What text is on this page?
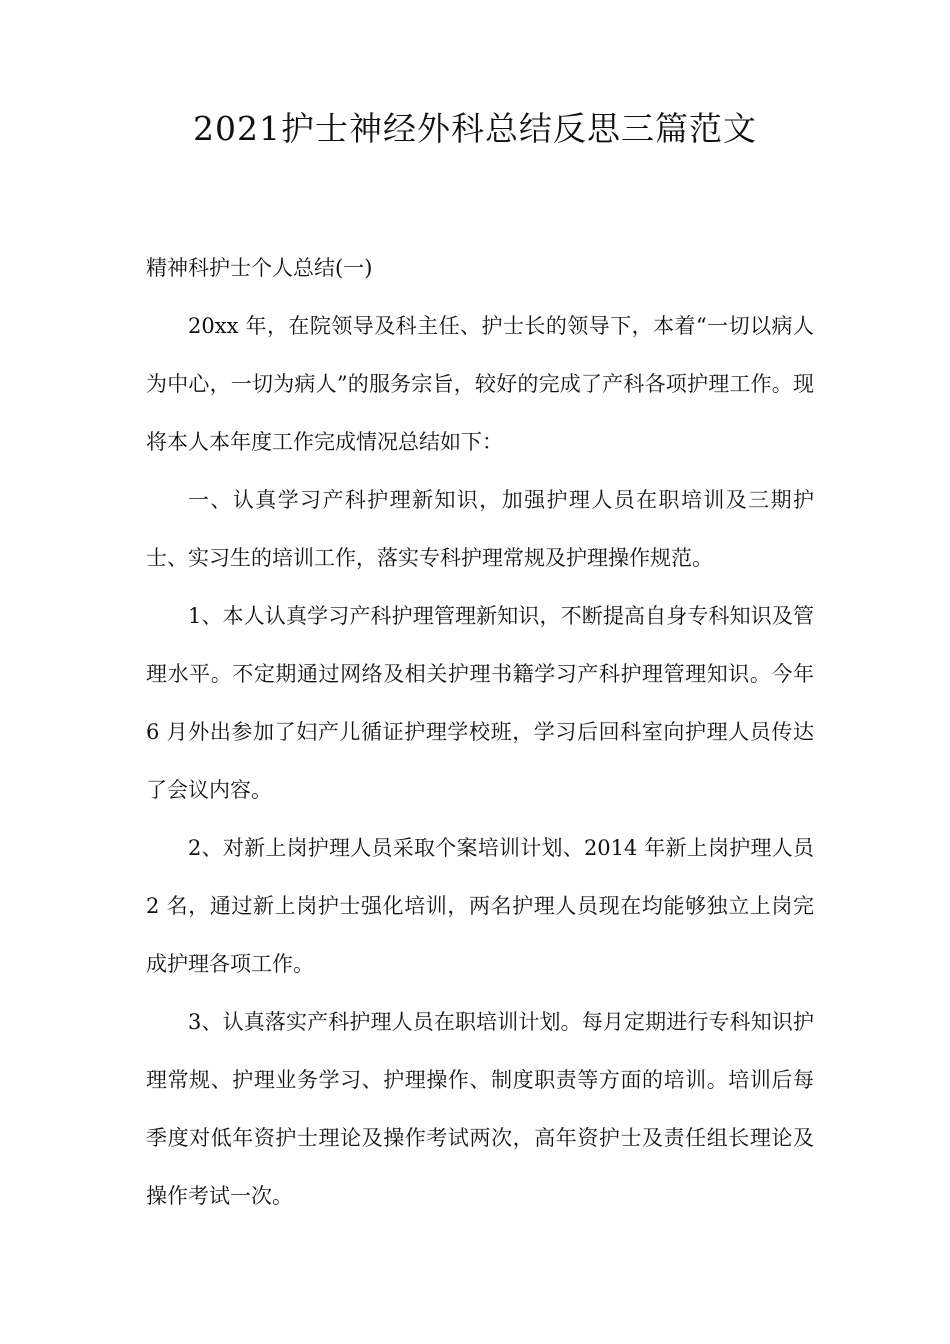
2021护士神经外科总结反思三篇范文

精神科护士个人总结(一)

20xx 年，在院领导及科主任、护士长的领导下，本着“一切以病人为中心，一切为病人”的服务宗旨，较好的完成了产科各项护理工作。现将本人本年度工作完成情况总结如下：

一、认真学习产科护理新知识，加强护理人员在职培训及三期护士、实习生的培训工作，落实专科护理常规及护理操作规范。

1、本人认真学习产科护理管理新知识，不断提高自身专科知识及管理水平。不定期通过网络及相关护理书籍学习产科护理管理知识。今年 6 月外出参加了妇产儿循证护理学校班，学习后回科室向护理人员传达了会议内容。

2、对新上岗护理人员采取个案培训计划、2014 年新上岗护理人员 2 名，通过新上岗护士强化培训，两名护理人员现在均能够独立上岗完成护理各项工作。

3、认真落实产科护理人员在职培训计划。每月定期进行专科知识护理常规、护理业务学习、护理操作、制度职责等方面的培训。培训后每季度对低年资护士理论及操作考试两次，高年资护士及责任组长理论及操作考试一次。
